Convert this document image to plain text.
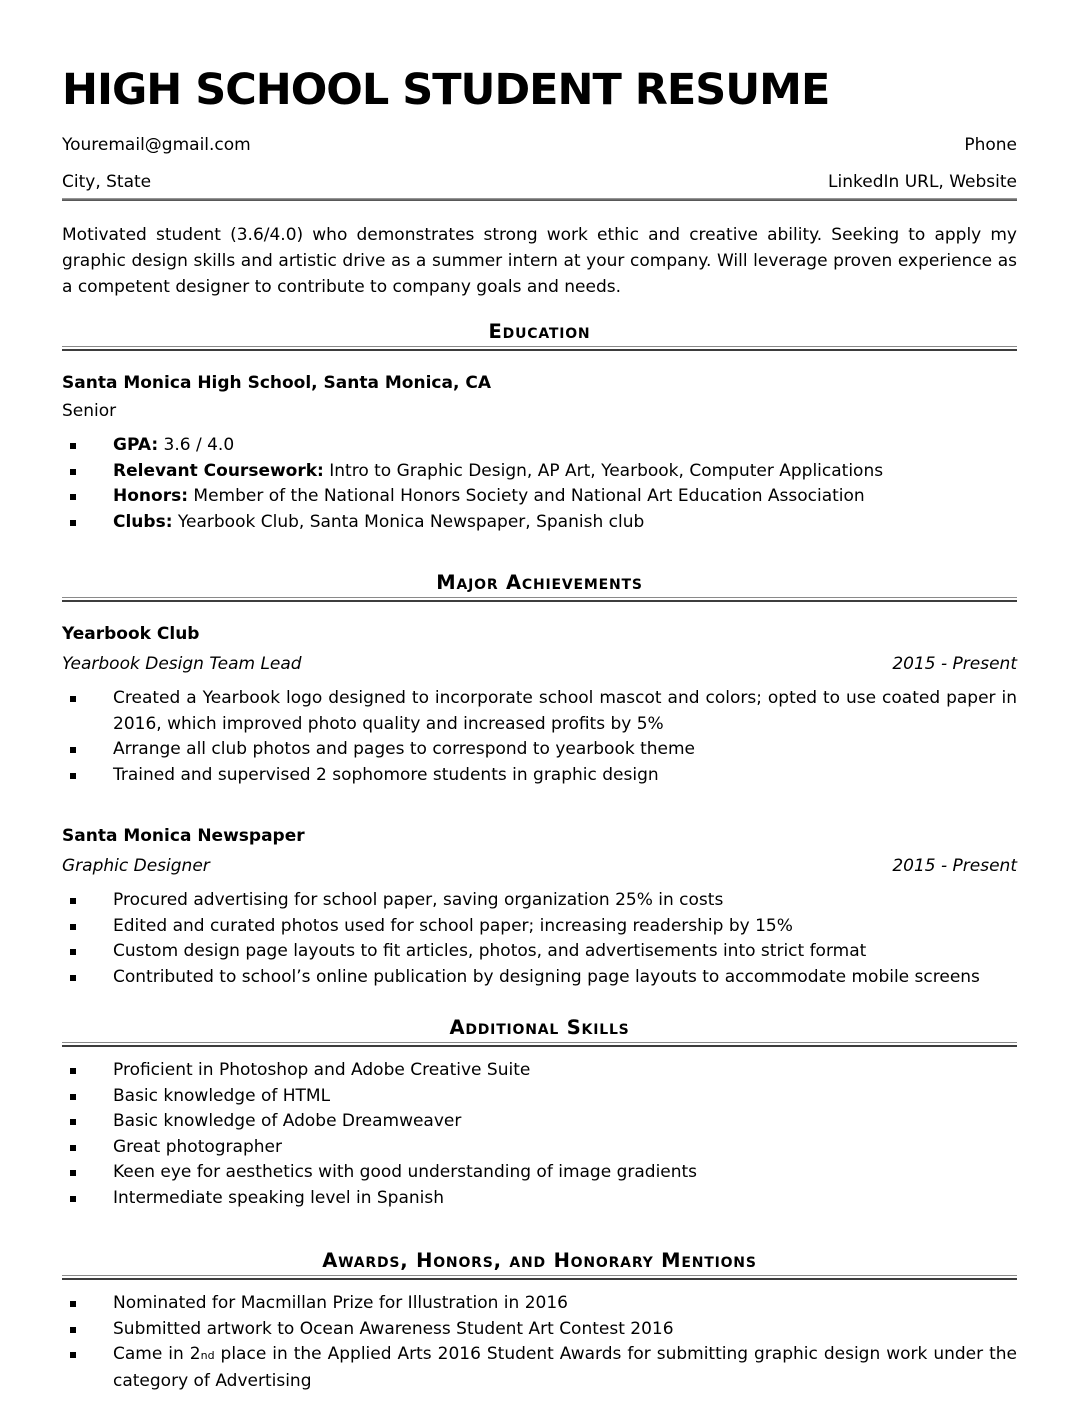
HIGH SCHOOL STUDENT RESUME
Youremail@gmail.com	Phone
City, State	LinkedIn URL, Website

Motivated student (3.6/4.0) who demonstrates strong work ethic and creative ability. Seeking to apply my graphic design skills and artistic drive as a summer intern at your company. Will leverage proven experience as a competent designer to contribute to company goals and needs.

Education
Santa Monica High School, Santa Monica, CA
Senior
GPA: 3.6 / 4.0
Relevant Coursework: Intro to Graphic Design, AP Art, Yearbook, Computer Applications
Honors: Member of the National Honors Society and National Art Education Association
Clubs: Yearbook Club, Santa Monica Newspaper, Spanish club
Major Achievements
Yearbook Club
Yearbook Design Team Lead	2015 - Present
Created a Yearbook logo designed to incorporate school mascot and colors; opted to use coated paper in 2016, which improved photo quality and increased profits by 5%
Arrange all club photos and pages to correspond to yearbook theme
Trained and supervised 2 sophomore students in graphic design
Santa Monica Newspaper
Graphic Designer	2015 - Present
Procured advertising for school paper, saving organization 25% in costs
Edited and curated photos used for school paper; increasing readership by 15%
Custom design page layouts to fit articles, photos, and advertisements into strict format
Contributed to school’s online publication by designing page layouts to accommodate mobile screens
Additional Skills
Proficient in Photoshop and Adobe Creative Suite
Basic knowledge of HTML
Basic knowledge of Adobe Dreamweaver
Great photographer
Keen eye for aesthetics with good understanding of image gradients
Intermediate speaking level in Spanish
Awards, Honors, and Honorary Mentions
Nominated for Macmillan Prize for Illustration in 2016
Submitted artwork to Ocean Awareness Student Art Contest 2016
Came in 2nd place in the Applied Arts 2016 Student Awards for submitting graphic design work under the category of Advertising
